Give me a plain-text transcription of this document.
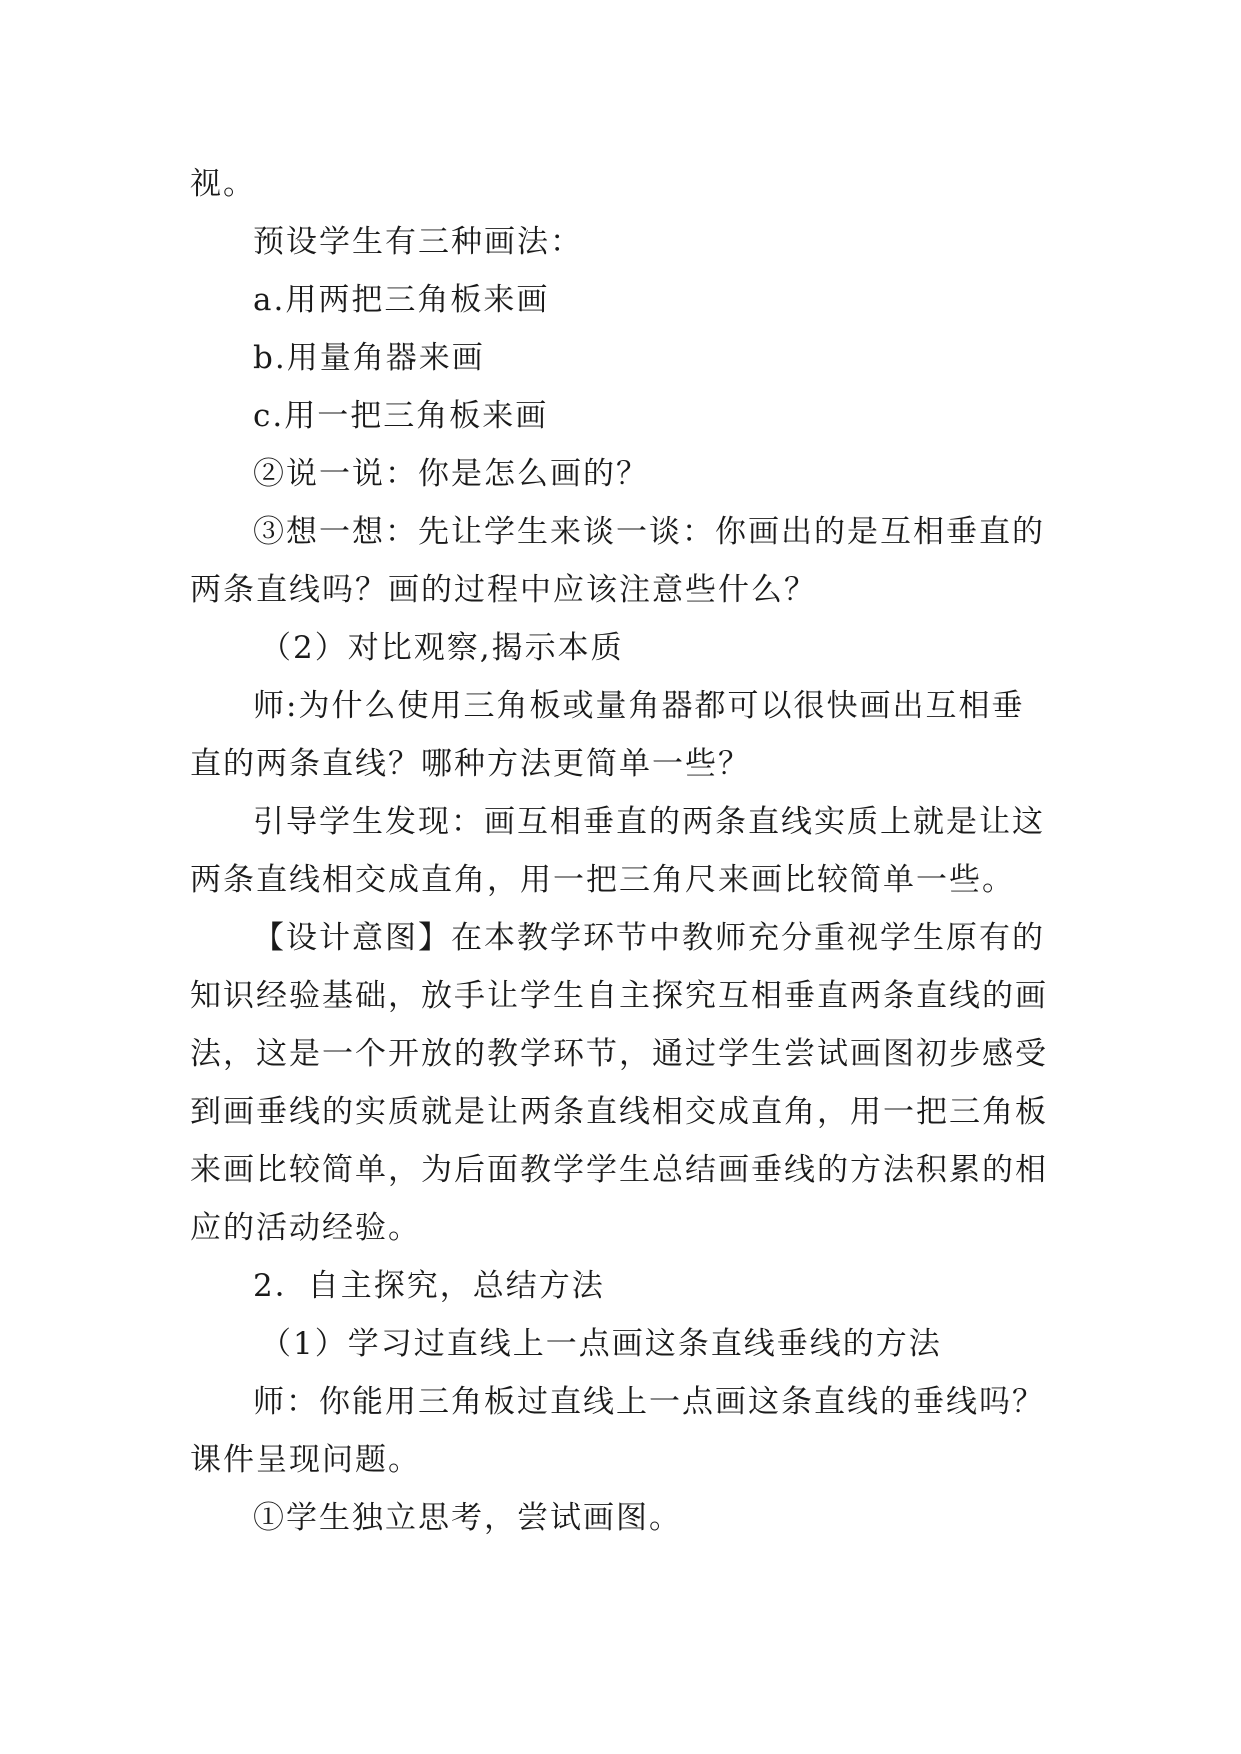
视。
预设学生有三种画法：
a.用两把三角板来画
b.用量角器来画
c.用一把三角板来画
②说一说：你是怎么画的？
③想一想：先让学生来谈一谈：你画出的是互相垂直的
两条直线吗？画的过程中应该注意些什么？
（2）对比观察,揭示本质
师:为什么使用三角板或量角器都可以很快画出互相垂
直的两条直线？哪种方法更简单一些？
引导学生发现：画互相垂直的两条直线实质上就是让这
两条直线相交成直角，用一把三角尺来画比较简单一些。
【设计意图】在本教学环节中教师充分重视学生原有的
知识经验基础，放手让学生自主探究互相垂直两条直线的画
法，这是一个开放的教学环节，通过学生尝试画图初步感受
到画垂线的实质就是让两条直线相交成直角，用一把三角板
来画比较简单，为后面教学学生总结画垂线的方法积累的相
应的活动经验。
2．自主探究，总结方法
（1）学习过直线上一点画这条直线垂线的方法
师：你能用三角板过直线上一点画这条直线的垂线吗？
课件呈现问题。
①学生独立思考，尝试画图。
